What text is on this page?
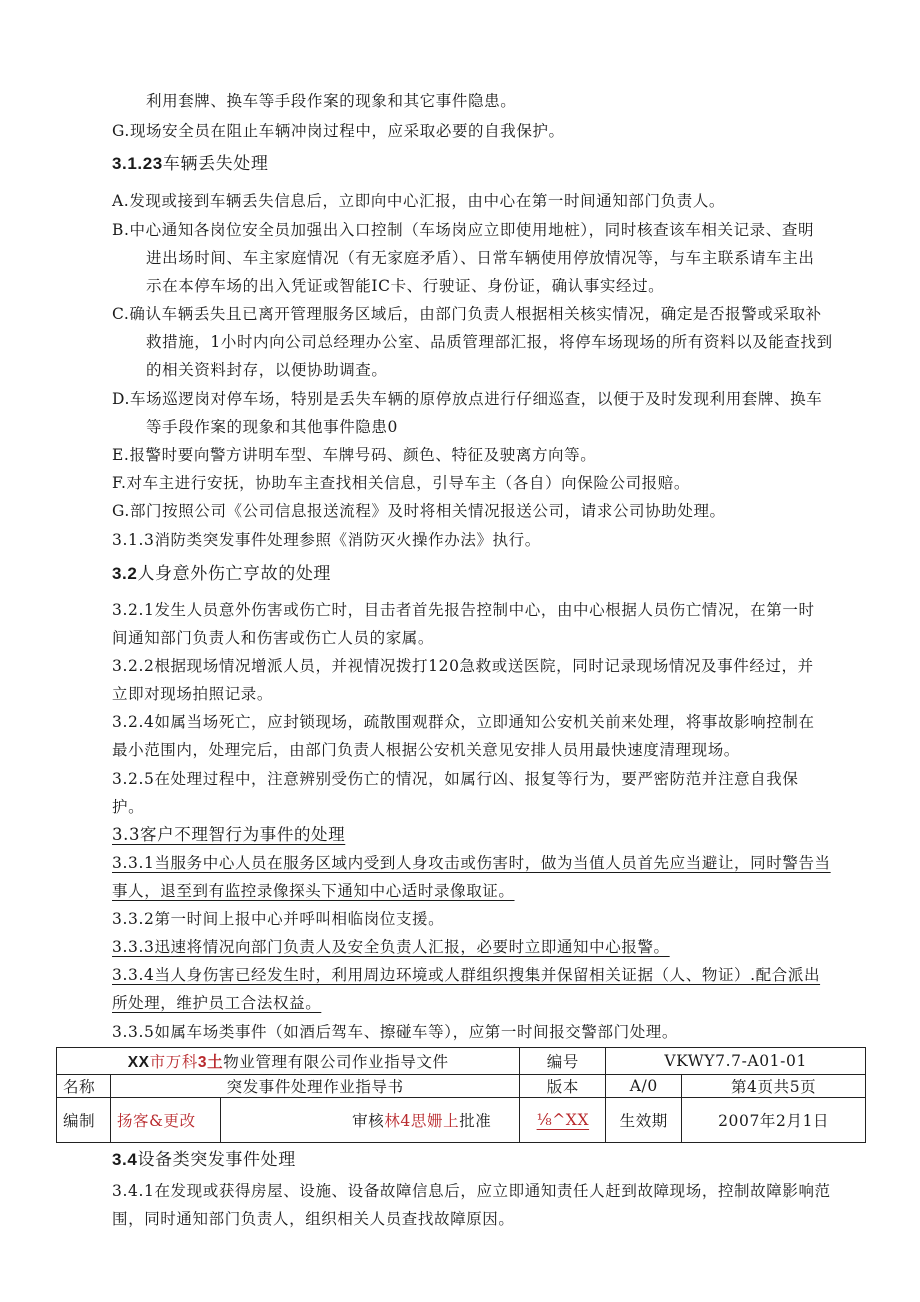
利用套牌、换车等手段作案的现象和其它事件隐患。
G.现场安全员在阻止车辆冲岗过程中，应采取必要的自我保护。
3.1.23车辆丢失处理
A.发现或接到车辆丢失信息后，立即向中心汇报，由中心在第一时间通知部门负责人。
B.中心通知各岗位安全员加强出入口控制（车场岗应立即使用地桩），同时核查该车相关记录、查明
进出场时间、车主家庭情况（有无家庭矛盾）、日常车辆使用停放情况等，与车主联系请车主出
示在本停车场的出入凭证或智能IC卡、行驶证、身份证，确认事实经过。
C.确认车辆丢失且已离开管理服务区域后，由部门负责人根据相关核实情况，确定是否报警或采取补
救措施，1小时内向公司总经理办公室、品质管理部汇报，将停车场现场的所有资料以及能查找到
的相关资料封存，以便协助调查。
D.车场巡逻岗对停车场，特别是丢失车辆的原停放点进行仔细巡查，以便于及时发现利用套牌、换车
等手段作案的现象和其他事件隐患0
E.报警时要向警方讲明车型、车牌号码、颜色、特征及驶离方向等。
F.对车主进行安抚，协助车主查找相关信息，引导车主（各自）向保险公司报赔。
G.部门按照公司《公司信息报送流程》及时将相关情况报送公司，请求公司协助处理。
3.1.3消防类突发事件处理参照《消防灭火操作办法》执行。
3.2人身意外伤亡亨故的处理
3.2.1发生人员意外伤害或伤亡时，目击者首先报告控制中心，由中心根据人员伤亡情况，在第一时
间通知部门负责人和伤害或伤亡人员的家属。
3.2.2根据现场情况增派人员，并视情况拨打120急救或送医院，同时记录现场情况及事件经过，并
立即对现场拍照记录。
3.2.4如属当场死亡，应封锁现场，疏散围观群众，立即通知公安机关前来处理，将事故影响控制在
最小范围内，处理完后，由部门负责人根据公安机关意见安排人员用最快速度清理现场。
3.2.5在处理过程中，注意辨别受伤亡的情况，如属行凶、报复等行为，要严密防范并注意自我保
护。
3.3客户不理智行为事件的处理
3.3.1当服务中心人员在服务区域内受到人身攻击或伤害时，做为当值人员首先应当避让，同时警告当
事人，退至到有监控录像探头下通知中心适时录像取证。
3.3.2第一时间上报中心并呼叫相临岗位支援。
3.3.3迅速将情况向部门负责人及安全负责人汇报，必要时立即通知中心报警。
3.3.4当人身伤害已经发生时，利用周边环境或人群组织搜集并保留相关证据（人、物证）.配合派出
所处理，维护员工合法权益。
3.3.5如属车场类事件（如酒后驾车、擦碰车等），应第一时间报交警部门处理。
XX市万科3土物业管理有限公司作业指导文件			编号	VKWY7.7-A01-01	
名称	突发事件处理作业指导书		版本	A/0	第4页共5页
编制	扬客&更改	审核林4思姗上批准	⅛^XX	生效期	2007年2月1日
3.4设备类突发事件处理
3.4.1在发现或获得房屋、设施、设备故障信息后，应立即通知责任人赶到故障现场，控制故障影响范
围，同时通知部门负责人，组织相关人员查找故障原因。
